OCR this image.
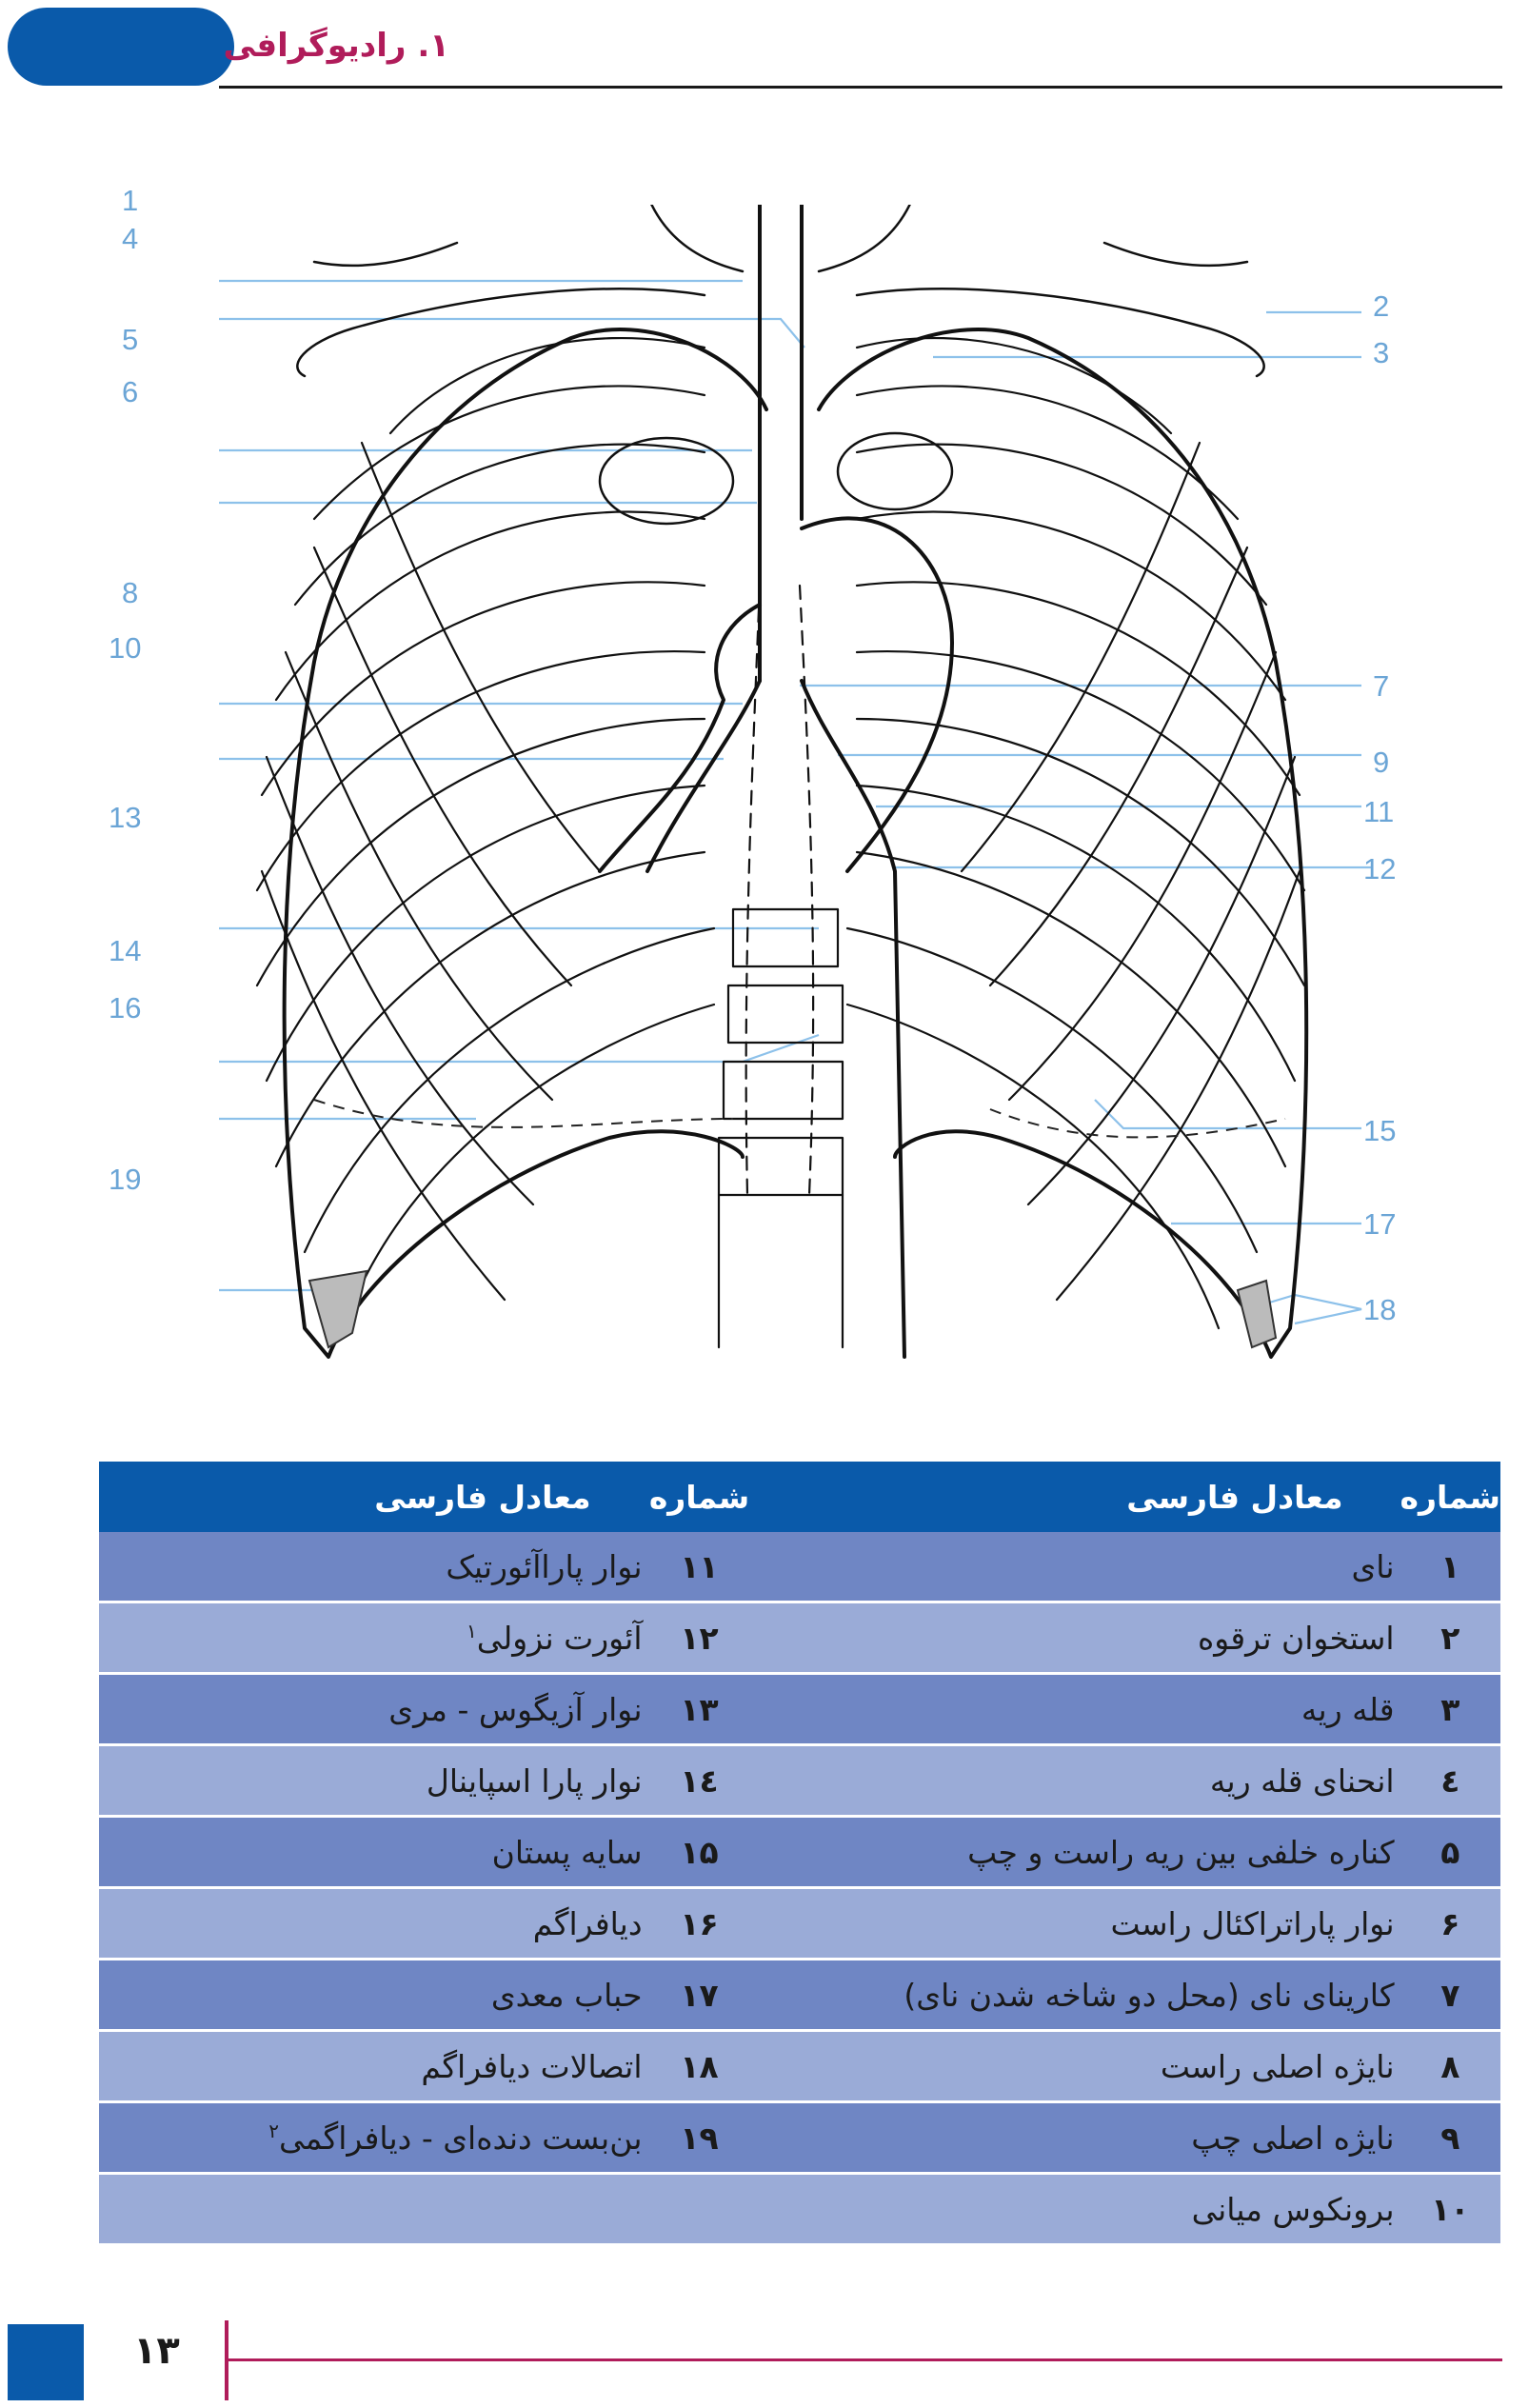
۱. رادیوگرافی
1
4
5
6
8
10
13
14
16
19
2
3
7
9
11
12
15
17
18
شماره	معادل فارسی	شماره	معادل فارسی
۱	نای	۱۱	نوار پاراآئورتیک
۲	استخوان ترقوه	۱۲	آئورت نزولی$^۱$
۳	قله ریه	۱۳	نوار آزیگوس - مری
٤	انحنای قله ریه	۱٤	نوار پارا اسپاینال
۵	کناره خلفی بین ریه راست و چپ	۱۵	سایه پستان
۶	نوار پاراتراکئال راست	۱۶	دیافراگم
۷	کارینای نای (محل دو شاخه شدن نای)	۱۷	حباب معدی
۸	نایژه اصلی راست	۱۸	اتصالات دیافراگم
۹	نایژه اصلی چپ	۱۹	بن‌بست دنده‌ای - دیافراگمی$^۲$
۱۰	برونکوس میانی		
۱۳
